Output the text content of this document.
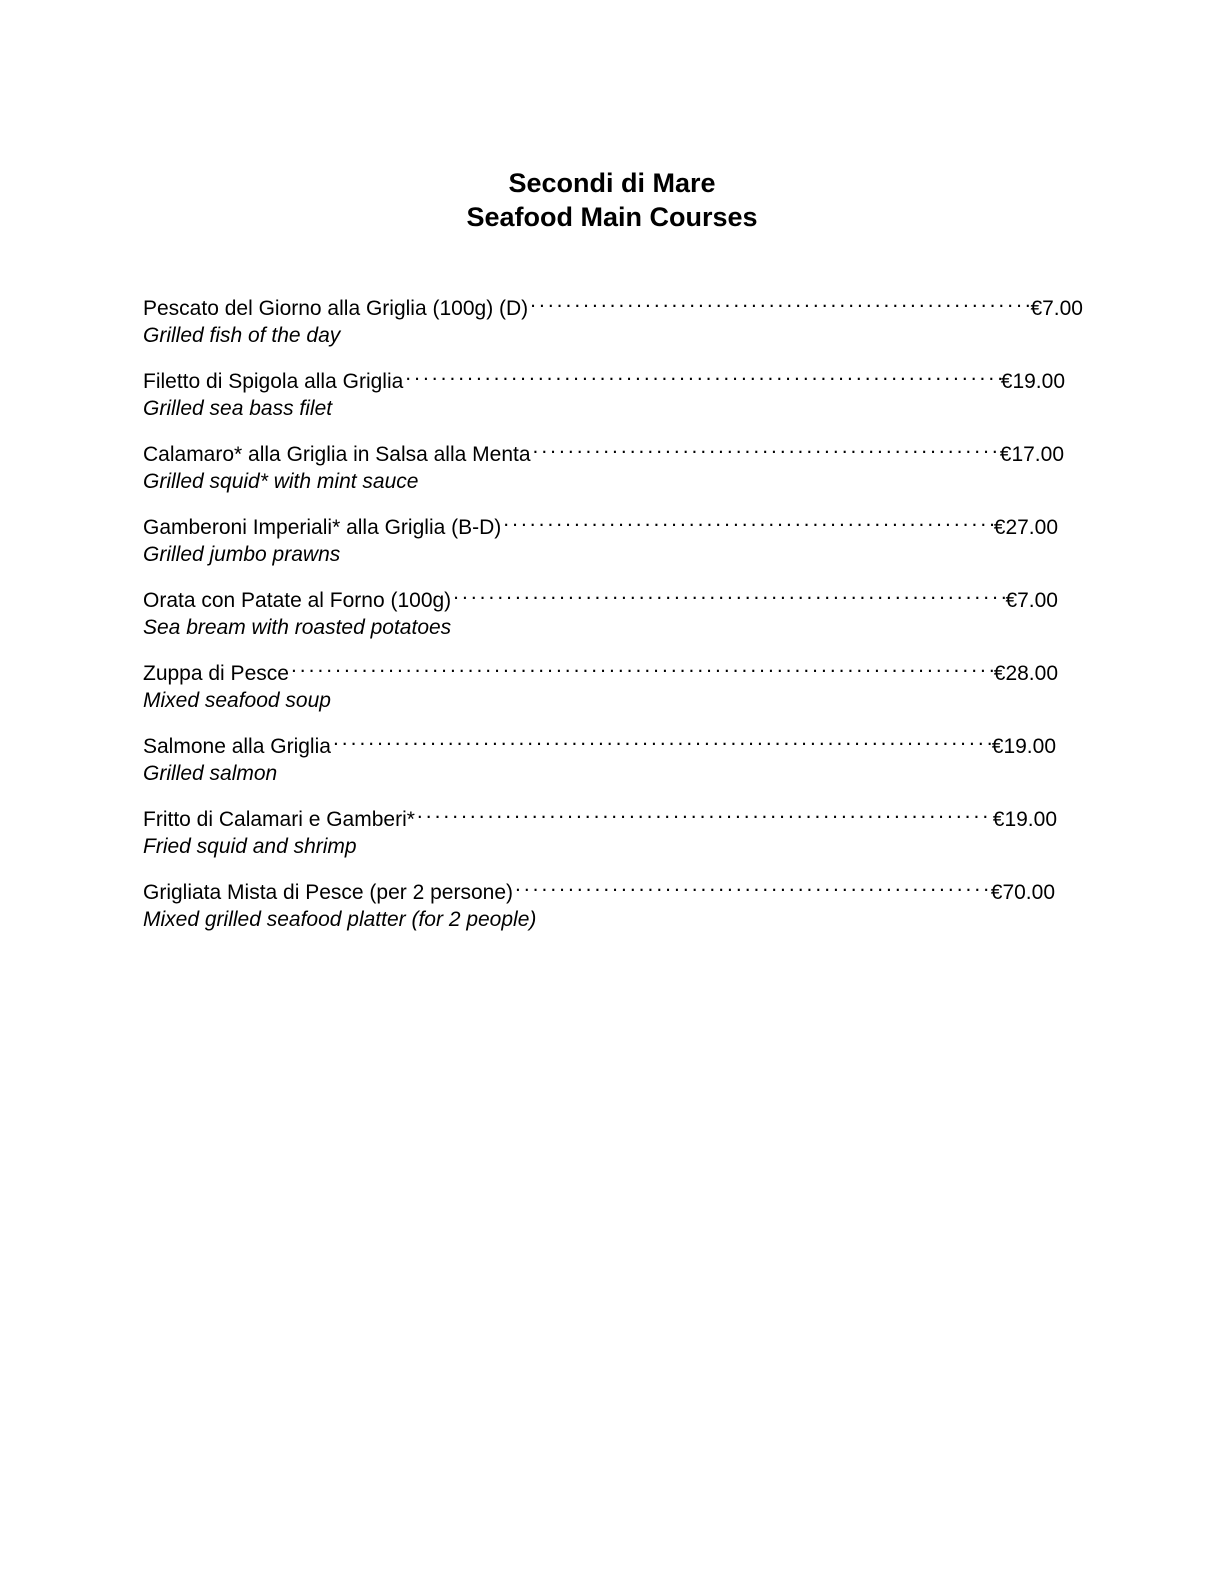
Secondi di Mare

Seafood Main Courses

Pescato del Giorno alla Griglia (100g) (D) .....	€7.00
Grilled fish of the day
Filetto di Spigola alla Griglia .....	€19.00
Grilled sea bass filet
Calamaro* alla Griglia in Salsa alla Menta .....	€17.00
Grilled squid* with mint sauce
Gamberoni Imperiali* alla Griglia (B-D) .....	€27.00
Grilled jumbo prawns
Orata con Patate al Forno (100g) .....	€7.00
Sea bream with roasted potatoes
Zuppa di Pesce .....	€28.00
Mixed seafood soup
Salmone alla Griglia .....	€19.00
Grilled salmon
Fritto di Calamari e Gamberi* .....	€19.00
Fried squid and shrimp
Grigliata Mista di Pesce (per 2 persone) .....	€70.00
Mixed grilled seafood platter (for 2 people)
